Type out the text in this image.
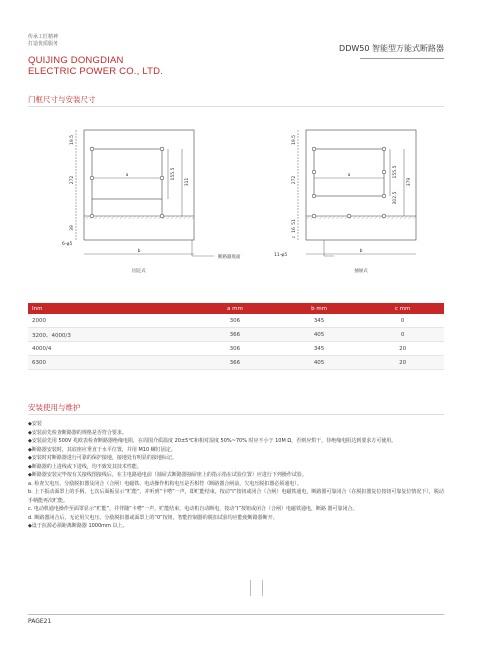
传承工匠精神
打造优质服务
QUIJING DONGDIAN
ELECTRIC POWER CO., LTD.
DDW50 智能型万能式断路器
门框尺寸与安装尺寸
19.5
272
39
a	155.5
311
b
6-φ5
断路器底面
固定式
19.5
272
51
16
c
a	155.5
302.5
379
b
11-φ5
抽屉式
Inm	a mm	b mm	c mm
2000	306	345	0
3200、4000/3	366	405	0
4000/4	306	345	20
6300	366	405	20
安装使用与维护

◆ 安装

◆ 安装前先检查断路器的规格是否符合要求。

◆ 安装前先用 500V 兆欧表检查断路器绝缘电阻，在周围介质温度 20±5℃和相对湿度 50%~70% 时应不小于 10M Ω，否则应烘干，待绝缘电阻达到要求方可使用。

◆ 断路器安装时，其底座应垂直于水平位置，并用 M10 螺钉固定。

◆ 安装时对断路器进行可靠的保护接地，接地处有明显的接地标记。

◆ 断路器的上进线或下进线，均不致发其技术性能。

◆ 断路器安装完毕按有关接线图接线后，在主电路通电前（抽屉式断路器抽屉座上的指示指在试验位置）应进行下列操作试验。

a. 检查欠电压、分励脱扣器及闭合（合闸）电磁铁、电动操作机构电压是否相符（断路器合闸前，欠电压脱扣器必须通电）。

b. 上下扳动面罩上的手柄，七次后面板显示“贮能”，并听到“卡嗒”一声，即贮能结束，按动“Ⅰ”按钮或闭合（合闸）电磁铁通电，断路器可靠闭合（在脱扣器复位按钮可靠复位情况下），脱动手柄能再次贮能。

c. 电动机通电操作至面罩显示“贮能”，并伴随“卡嗒”一声，贮能结束，电动机自动断电，按动“Ⅰ”按钮或闭合（合闸）电磁铁通电，断路 器可靠闭合。

d. 断路器闭合后，无论用欠电压、分励脱扣器或面罩上的“0”按钮，智能控制器的脱扣试验均应能使断路器断开。

◆ 设于抗源必须距离断路器 1000mm 以上。

PAGE21
